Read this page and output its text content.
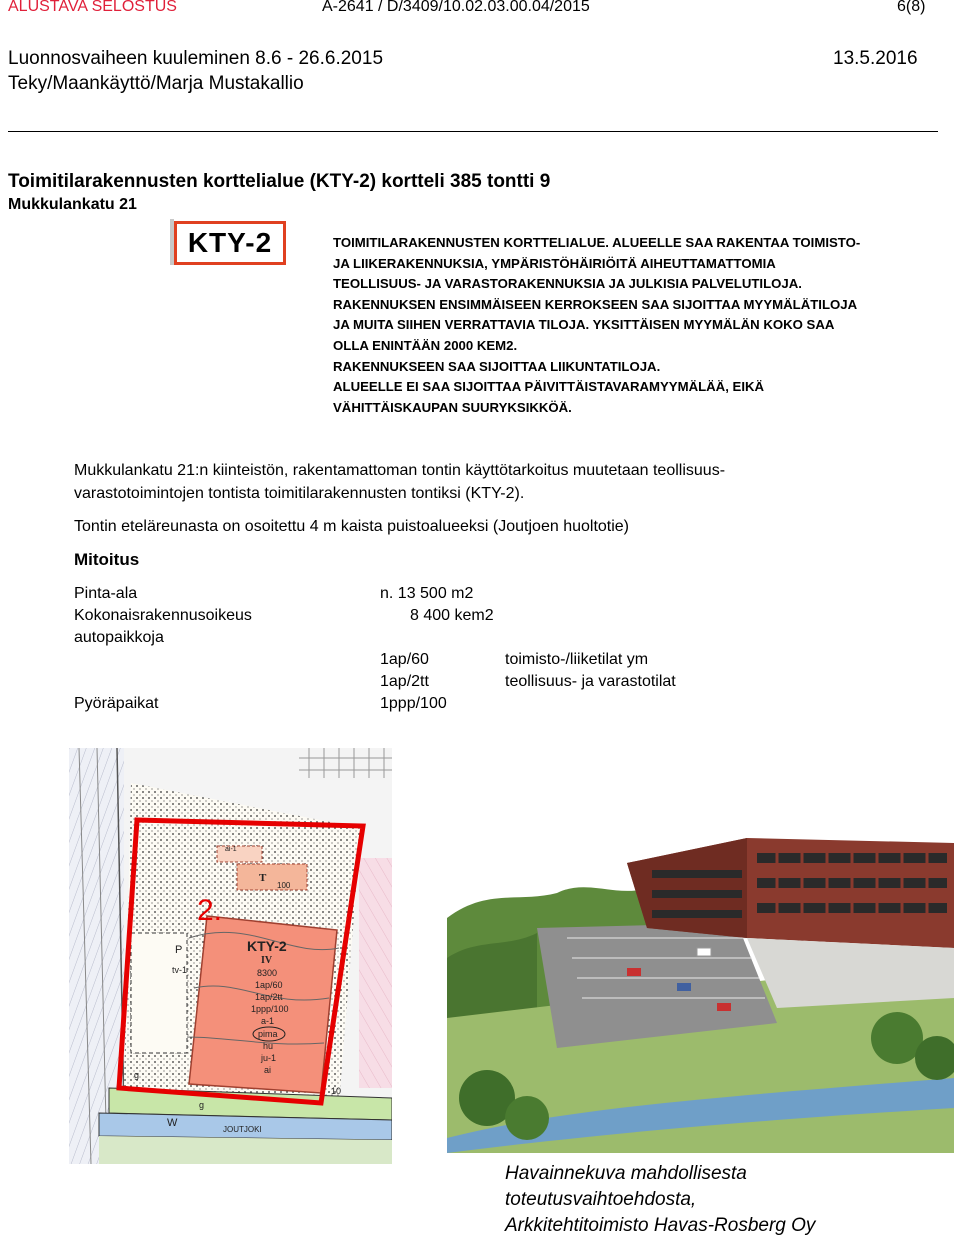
ALUSTAVA SELOSTUS	A-2641 / D/3409/10.02.03.00.04/2015	6(8)
Luonnosvaiheen kuuleminen 8.6 - 26.6.2015	13.5.2016
Teky/Maankäyttö/Marja Mustakallio
Toimitilarakennusten korttelialue (KTY-2) kortteli 385 tontti 9
Mukkulankatu 21
KTY-2	TOIMITILARAKENNUSTEN KORTTELIALUE. ALUEELLE SAA RAKENTAA TOIMISTO-
JA LIIKERAKENNUKSIA, YMPÄRISTÖHÄIRIÖITÄ AIHEUTTAMATTOMIA
TEOLLISUUS- JA VARASTORAKENNUKSIA JA JULKISIA PALVELUTILOJA.
RAKENNUKSEN ENSIMMÄISEEN KERROKSEEN SAA SIJOITTAA MYYMÄLÄTILOJA
JA MUITA SIIHEN VERRATTAVIA TILOJA. YKSITTÄISEN MYYMÄLÄN KOKO SAA
OLLA ENINTÄÄN 2000 KEM2.
RAKENNUKSEEN SAA SIJOITTAA LIIKUNTATILOJA.
ALUEELLE EI SAA SIJOITTAA PÄIVITTÄISTAVARAMYYMÄLÄÄ, EIKÄ
VÄHITTÄISKAUPAN SUURYKSIKKÖÄ.
Mukkulankatu 21:n kiinteistön, rakentamattoman tontin käyttötarkoitus muutetaan teollisuus-
varastotoimintojen tontista toimitilarakennusten tontiksi (KTY-2).
Tontin eteläreunasta on osoitettu 4 m kaista puistoalueeksi (Joutjoen huoltotie)
Mitoitus
Pinta-ala	n. 13 500 m2
Kokonaisrakennusoikeus	8 400 kem2
autopaikkoja
1ap/60	toimisto-/liiketilat ym
1ap/2tt	teollisuus- ja varastotilat
Pyöräpaikat	1ppp/100
2.
KTY-2
IV
8300
1ap/60
1ap/2tt
1ppp/100
a-1
pima
hu
ju-1
ai
P
tv-1
T
100
ai-1
10
JOUTJOKI
W
g
g
Havainnekuva mahdollisesta
toteutusvaihtoehdosta,
Arkkitehtitoimisto Havas-Rosberg Oy
